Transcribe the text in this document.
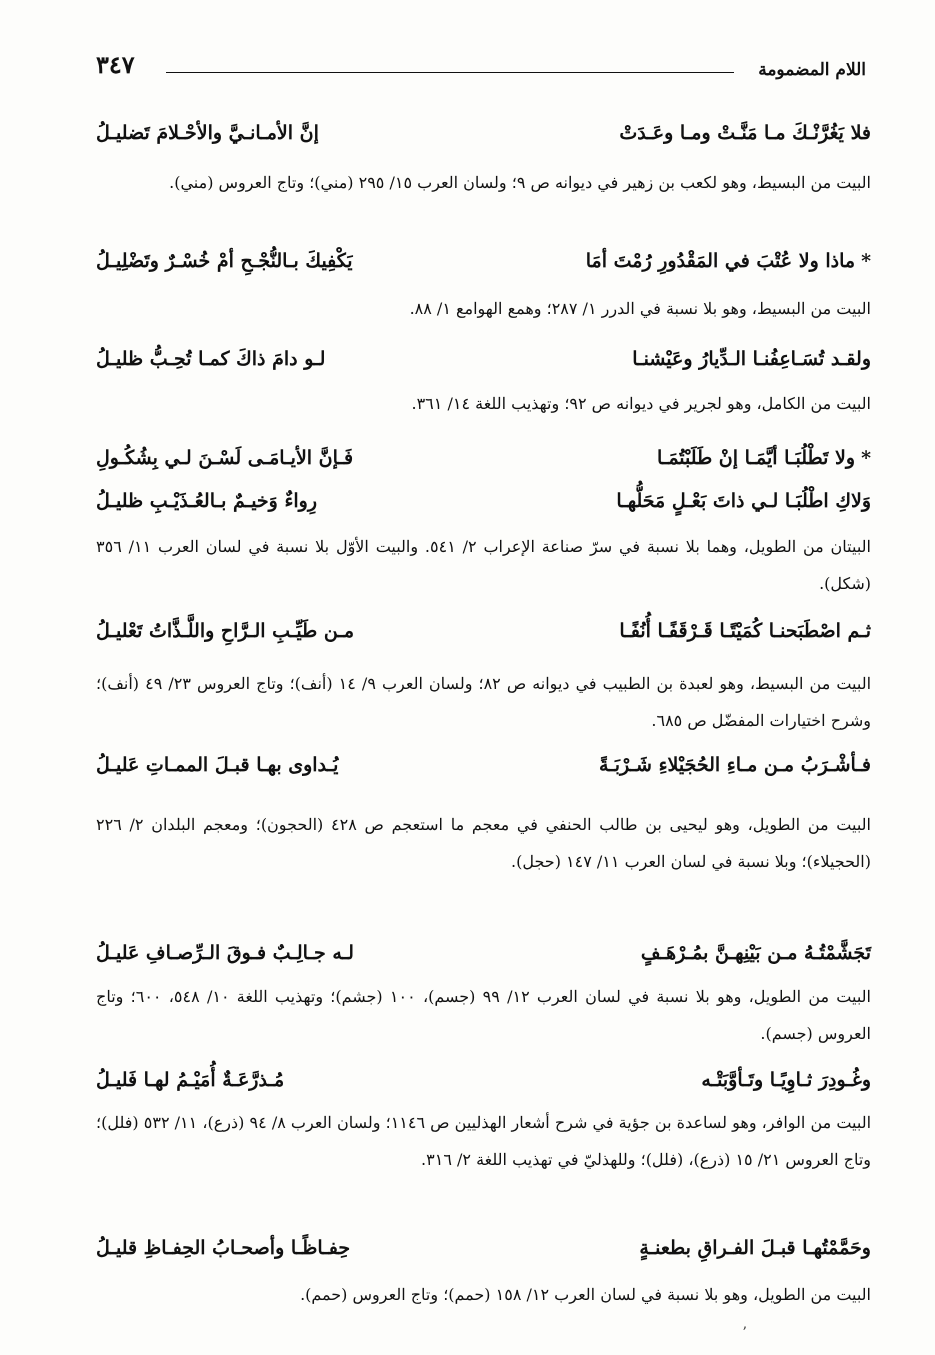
اللام المضمومة
٣٤٧
فلا يَغُرَّنْـكَ مـا مَنَّـتْ ومـا وعَـدَتْ
إنَّ الأمـانـيَّ والأحْـلامَ تَضليـلُ
البيت من البسيط، وهو لكعب بن زهير في ديوانه ص ٩؛ ولسان العرب ١٥/ ٢٩٥ (مني)؛ وتاج العروس (مني).
*ماذا ولا عُتْبَ في المَقْدُورِ رُمْتَ أمَا
يَكْفِيكَ بـالنُّجْـحِ أمْ خُسْـرٌ وتَضْلِيـلُ
البيت من البسيط، وهو بلا نسبة في الدرر ١/ ٢٨٧؛ وهمع الهوامع ١/ ٨٨.
ولقـد تُسَـاعِفُنـا الـدِّيارُ وعَيْشنـا
لـو دامَ ذاكَ كمـا تُحِـبُّ ظليـلُ
البيت من الكامل، وهو لجرير في ديوانه ص ٩٢؛ وتهذيب اللغة ١٤/ ٣٦١.
*ولا تَطْلُبَـا أيَّمَـا إنْ طَلَبْتُمَـا
فَـإنَّ الأيـامَـى لَسْـنَ لـي بِشُكُـولِ
وَلاكِ اطْلُبَـا لـي ذاتَ بَعْـلٍ مَحَلُّهـا
رِواءٌ وَخيـمٌ بـالعُـذَيْـبِ ظليـلُ
البيتان من الطويل، وهما بلا نسبة في سرّ صناعة الإعراب ٢/ ٥٤١. والبيت الأوّل بلا نسبة في لسان العرب ١١/ ٣٥٦ (شكل).
ثـم اصْطَبَحنـا كُمَيْتًـا قَـرْقَفًـا أُنُفًـا
مـن طَيِّـبِ الـرَّاحِ واللَّـذَّاتُ تَعْليـلُ
البيت من البسيط، وهو لعبدة بن الطبيب في ديوانه ص ٨٢؛ ولسان العرب ٩/ ١٤ (أنف)؛ وتاج العروس ٢٣/ ٤٩ (أنف)؛ وشرح اختيارات المفضّل ص ٦٨٥.
فـأشْـرَبُ مـن مـاءِ الحُجَيْلاءِ شَـرْبَـةً
يُـداوى بهـا قبـلَ الممـاتِ عَليـلُ
البيت من الطويل، وهو ليحيى بن طالب الحنفي في معجم ما استعجم ص ٤٢٨ (الحجون)؛ ومعجم البلدان ٢/ ٢٢٦ (الحجيلاء)؛ وبلا نسبة في لسان العرب ١١/ ١٤٧ (حجل).
تَجَشَّمْتُـهُ مـن بَيْنِهـنَّ بمُـرْهَـفٍ
لـه جـالِـبٌ فـوقَ الـرِّصـافِ عَليـلُ
البيت من الطويل، وهو بلا نسبة في لسان العرب ١٢/ ٩٩ (جسم)، ١٠٠ (جشم)؛ وتهذيب اللغة ١٠/ ٥٤٨، ٦٠٠؛ وتاج العروس (جسم).
وغُـودِرَ ثـاوِيًـا وتَـأوَّبَتْـه
مُـذرَّعَـةٌ أُمَيْـمُ لهـا فَليـلُ
البيت من الوافر، وهو لساعدة بن جؤية في شرح أشعار الهذليين ص ١١٤٦؛ ولسان العرب ٨/ ٩٤ (ذرع)، ١١/ ٥٣٢ (فلل)؛ وتاج العروس ٢١/ ١٥ (ذرع)، (فلل)؛ وللهذليّ في تهذيب اللغة ٢/ ٣١٦.
وحَمَّمْتُهـا قبـلَ الفـراقِ بطعنـةٍ
حِفـاظًـا وأصحـابُ الحِفـاظِ قليـلُ
البيت من الطويل، وهو بلا نسبة في لسان العرب ١٢/ ١٥٨ (حمم)؛ وتاج العروس (حمم).
ʼ
